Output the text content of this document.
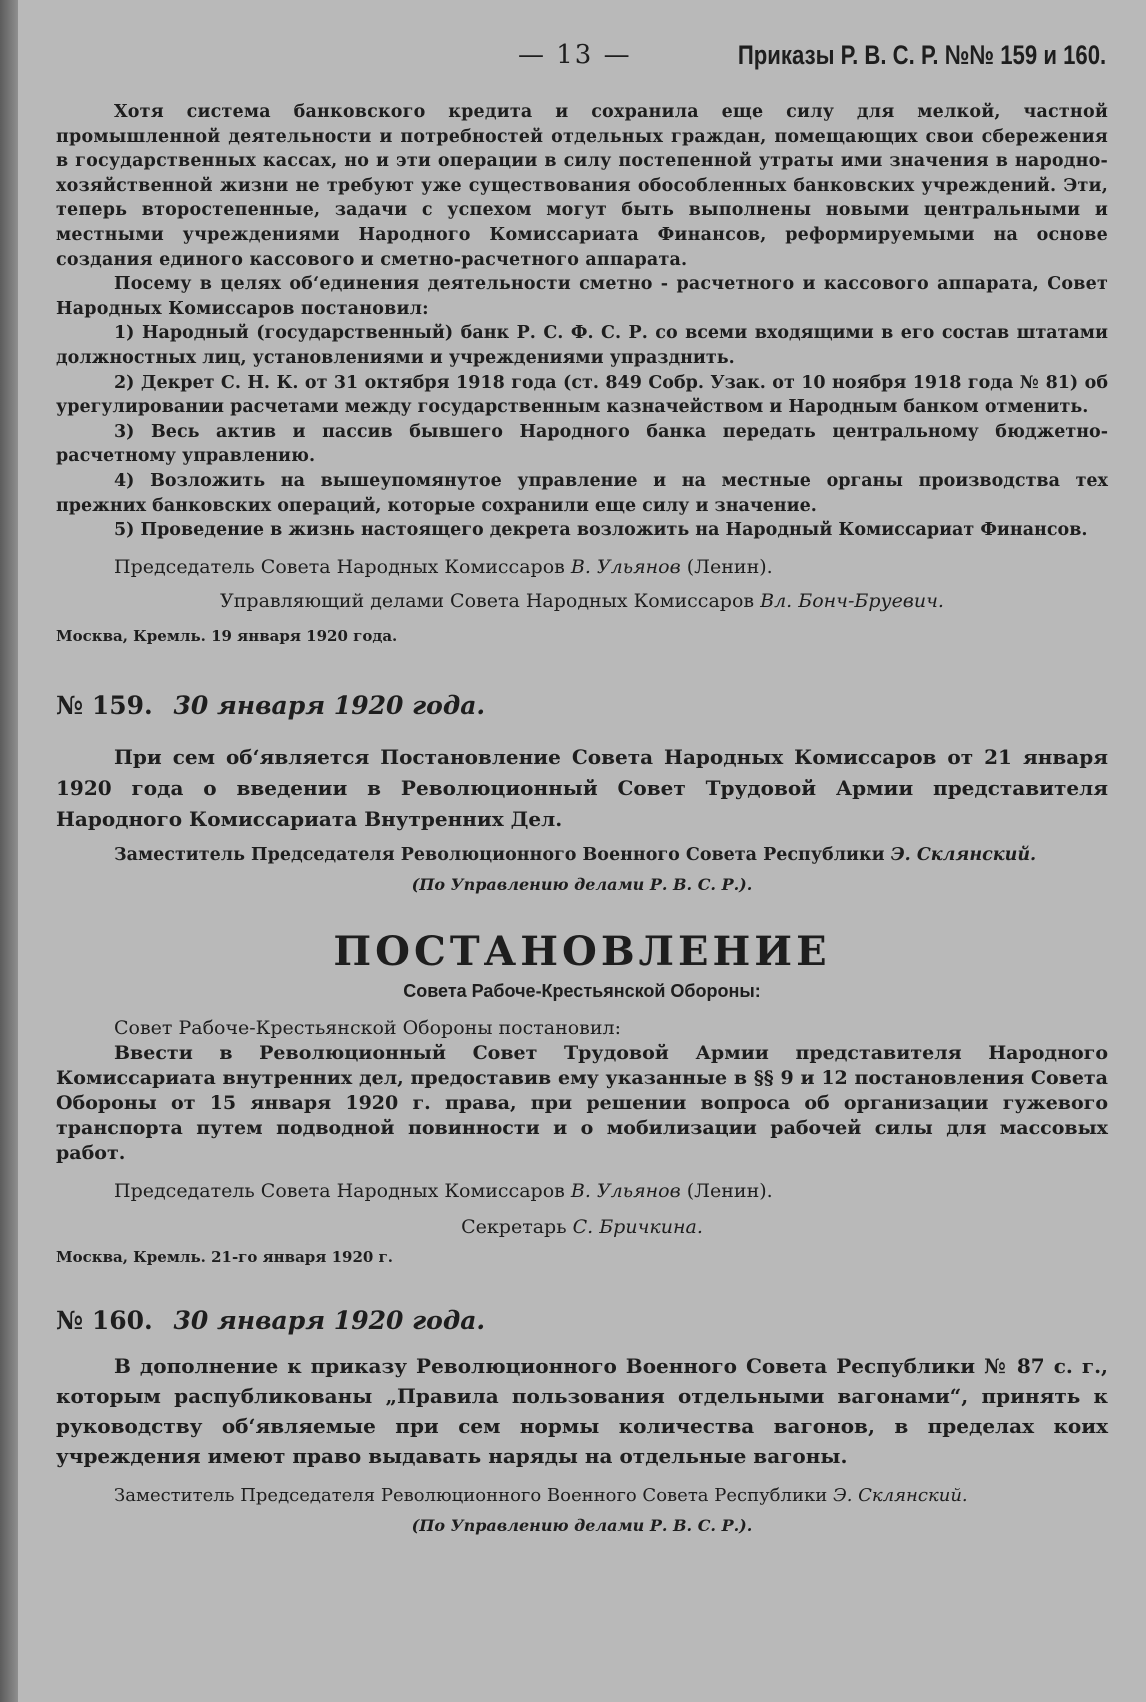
— 13 —	Приказы Р. В. С. Р. №№ 159 и 160.

Хотя система банковского кредита и сохранила еще силу для мелкой, частной промышленной деятельности и потребностей отдельных граждан, помещающих свои сбережения в государственных кассах, но и эти операции в силу постепенной утраты ими значения в народно-хозяйственной жизни не требуют уже существования обособленных банковских учреждений. Эти, теперь второстепенные, задачи с успехом могут быть выполнены новыми центральными и местными учреждениями Народного Комиссариата Финансов, реформируемыми на основе создания единого кассового и сметно-расчетного аппарата.

Посему в целях об‘единения деятельности сметно - расчетного и кассового аппарата, Совет Народных Комиссаров постановил:

1) Народный (государственный) банк Р. С. Ф. С. Р. со всеми входящими в его состав штатами должностных лиц, установлениями и учреждениями упразднить.

2) Декрет С. Н. К. от 31 октября 1918 года (ст. 849 Собр. Узак. от 10 ноября 1918 года № 81) об урегулировании расчетами между государственным казначейством и Народным банком отменить.

3) Весь актив и пассив бывшего Народного банка передать центральному бюджетно-расчетному управлению.

4) Возложить на вышеупомянутое управление и на местные органы производства тех прежних банковских операций, которые сохранили еще силу и значение.

5) Проведение в жизнь настоящего декрета возложить на Народный Комиссариат Финансов.

Председатель Совета Народных Комиссаров В. Ульянов (Ленин).

Управляющий делами Совета Народных Комиссаров Вл. Бонч-Бруевич.

Москва, Кремль. 19 января 1920 года.

№ 159. 30 января 1920 года.

При сем об‘является Постановление Совета Народных Комиссаров от 21 января 1920 года о введении в Революционный Совет Трудовой Армии представителя Народного Комиссариата Внутренних Дел.

Заместитель Председателя Революционного Военного Совета Республики Э. Склянский.

(По Управлению делами Р. В. С. Р.).

ПОСТАНОВЛЕНИЕ

Совета Рабоче-Крестьянской Обороны:

Совет Рабоче-Крестьянской Обороны постановил:

Ввести в Революционный Совет Трудовой Армии представителя Народного Комиссариата внутренних дел, предоставив ему указанные в §§ 9 и 12 постановления Совета Обороны от 15 января 1920 г. права, при решении вопроса об организации гужевого транспорта путем подводной повинности и о мобилизации рабочей силы для массовых работ.

Председатель Совета Народных Комиссаров В. Ульянов (Ленин).

Секретарь С. Бричкина.

Москва, Кремль. 21-го января 1920 г.

№ 160. 30 января 1920 года.

В дополнение к приказу Революционного Военного Совета Республики № 87 с. г., которым распубликованы „Правила пользования отдельными вагонами“, принять к руководству об‘являемые при сем нормы количества вагонов, в пределах коих учреждения имеют право выдавать наряды на отдельные вагоны.

Заместитель Председателя Революционного Военного Совета Республики Э. Склянский.

(По Управлению делами Р. В. С. Р.).
